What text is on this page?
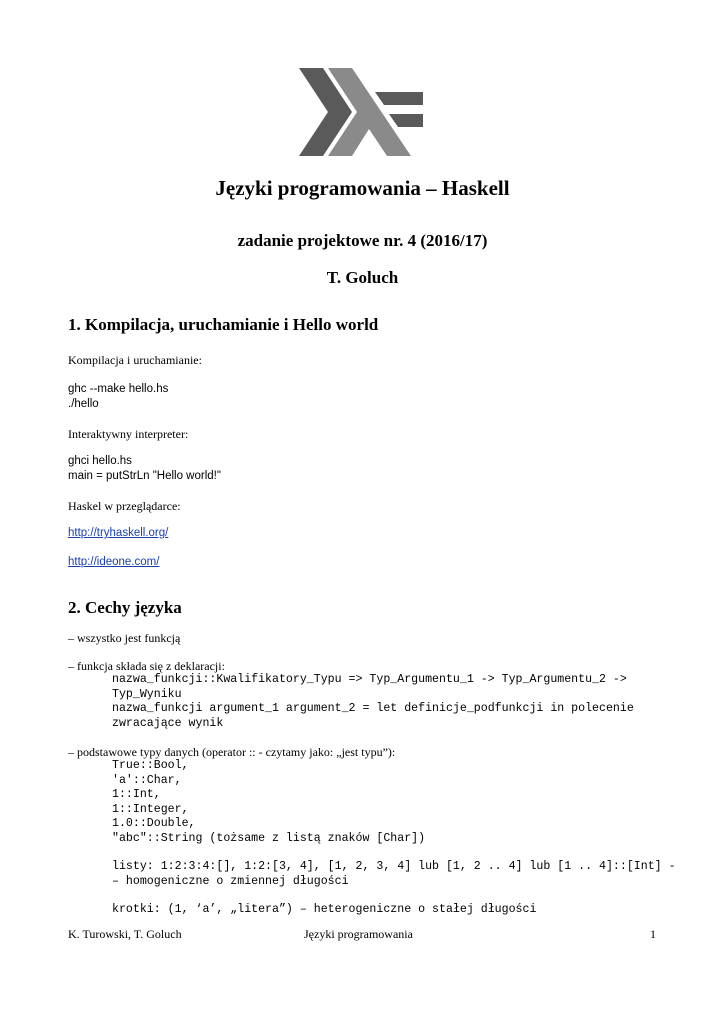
Języki programowania – Haskell
zadanie projektowe nr. 4 (2016/17)
T. Goluch
1. Kompilacja, uruchamianie i Hello world
Kompilacja i uruchamianie:
ghc --make hello.hs
./hello
Interaktywny interpreter:
ghci hello.hs
main = putStrLn "Hello world!"
Haskel w przeglądarce:
http://tryhaskell.org/
http://ideone.com/
2. Cechy języka
– wszystko jest funkcją
– funkcja składa się z deklaracji:
nazwa_funkcji::Kwalifikatory_Typu => Typ_Argumentu_1 -> Typ_Argumentu_2 ->
Typ_Wyniku
nazwa_funkcji argument_1 argument_2 = let definicje_podfunkcji in polecenie
zwracające wynik
– podstawowe typy danych (operator :: - czytamy jako: „jest typu”):
True::Bool,
'a'::Char,
1::Int,
1::Integer,
1.0::Double,
"abc"::String (tożsame z listą znaków [Char])
listy: 1:2:3:4:[], 1:2:[3, 4], [1, 2, 3, 4] lub [1, 2 .. 4] lub [1 .. 4]::[Int] -
– homogeniczne o zmiennej długości
krotki: (1, ‘a’, „litera”) – heterogeniczne o stałej długości
K. Turowski, T. Goluch	Języki programowania	1
